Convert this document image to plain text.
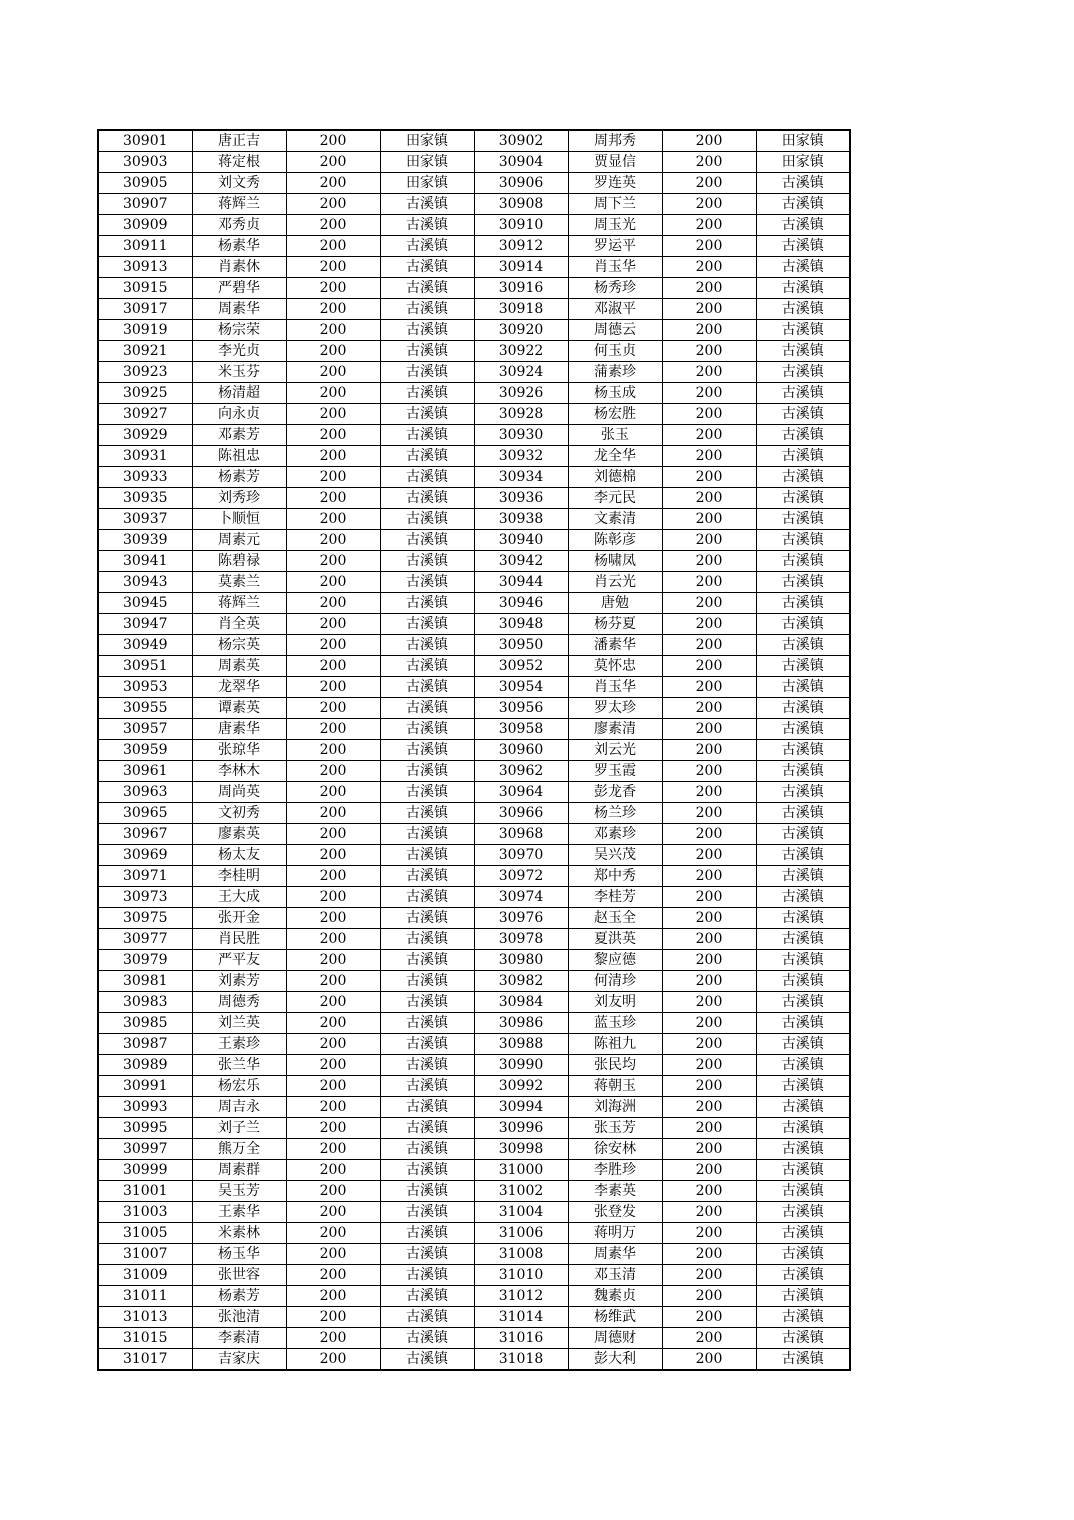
30901	唐正吉	200	田家镇	30902	周邦秀	200	田家镇
30903	蒋定根	200	田家镇	30904	贾显信	200	田家镇
30905	刘文秀	200	田家镇	30906	罗连英	200	古溪镇
30907	蒋辉兰	200	古溪镇	30908	周下兰	200	古溪镇
30909	邓秀贞	200	古溪镇	30910	周玉光	200	古溪镇
30911	杨素华	200	古溪镇	30912	罗运平	200	古溪镇
30913	肖素休	200	古溪镇	30914	肖玉华	200	古溪镇
30915	严碧华	200	古溪镇	30916	杨秀珍	200	古溪镇
30917	周素华	200	古溪镇	30918	邓淑平	200	古溪镇
30919	杨宗荣	200	古溪镇	30920	周德云	200	古溪镇
30921	李光贞	200	古溪镇	30922	何玉贞	200	古溪镇
30923	米玉芬	200	古溪镇	30924	蒲素珍	200	古溪镇
30925	杨清超	200	古溪镇	30926	杨玉成	200	古溪镇
30927	向永贞	200	古溪镇	30928	杨宏胜	200	古溪镇
30929	邓素芳	200	古溪镇	30930	张玉	200	古溪镇
30931	陈祖忠	200	古溪镇	30932	龙全华	200	古溪镇
30933	杨素芳	200	古溪镇	30934	刘德棉	200	古溪镇
30935	刘秀珍	200	古溪镇	30936	李元民	200	古溪镇
30937	卜顺恒	200	古溪镇	30938	文素清	200	古溪镇
30939	周素元	200	古溪镇	30940	陈彰彦	200	古溪镇
30941	陈碧禄	200	古溪镇	30942	杨啸凤	200	古溪镇
30943	莫素兰	200	古溪镇	30944	肖云光	200	古溪镇
30945	蒋辉兰	200	古溪镇	30946	唐勉	200	古溪镇
30947	肖全英	200	古溪镇	30948	杨芬夏	200	古溪镇
30949	杨宗英	200	古溪镇	30950	潘素华	200	古溪镇
30951	周素英	200	古溪镇	30952	莫怀忠	200	古溪镇
30953	龙翠华	200	古溪镇	30954	肖玉华	200	古溪镇
30955	谭素英	200	古溪镇	30956	罗太珍	200	古溪镇
30957	唐素华	200	古溪镇	30958	廖素清	200	古溪镇
30959	张琼华	200	古溪镇	30960	刘云光	200	古溪镇
30961	李林木	200	古溪镇	30962	罗玉霞	200	古溪镇
30963	周尚英	200	古溪镇	30964	彭龙香	200	古溪镇
30965	文初秀	200	古溪镇	30966	杨兰珍	200	古溪镇
30967	廖素英	200	古溪镇	30968	邓素珍	200	古溪镇
30969	杨太友	200	古溪镇	30970	吴兴茂	200	古溪镇
30971	李桂明	200	古溪镇	30972	郑中秀	200	古溪镇
30973	王大成	200	古溪镇	30974	李桂芳	200	古溪镇
30975	张开金	200	古溪镇	30976	赵玉全	200	古溪镇
30977	肖民胜	200	古溪镇	30978	夏洪英	200	古溪镇
30979	严平友	200	古溪镇	30980	黎应德	200	古溪镇
30981	刘素芳	200	古溪镇	30982	何清珍	200	古溪镇
30983	周德秀	200	古溪镇	30984	刘友明	200	古溪镇
30985	刘兰英	200	古溪镇	30986	蓝玉珍	200	古溪镇
30987	王素珍	200	古溪镇	30988	陈祖九	200	古溪镇
30989	张兰华	200	古溪镇	30990	张民均	200	古溪镇
30991	杨宏乐	200	古溪镇	30992	蒋朝玉	200	古溪镇
30993	周吉永	200	古溪镇	30994	刘海洲	200	古溪镇
30995	刘子兰	200	古溪镇	30996	张玉芳	200	古溪镇
30997	熊万全	200	古溪镇	30998	徐安林	200	古溪镇
30999	周素群	200	古溪镇	31000	李胜珍	200	古溪镇
31001	吴玉芳	200	古溪镇	31002	李素英	200	古溪镇
31003	王素华	200	古溪镇	31004	张登发	200	古溪镇
31005	米素林	200	古溪镇	31006	蒋明万	200	古溪镇
31007	杨玉华	200	古溪镇	31008	周素华	200	古溪镇
31009	张世容	200	古溪镇	31010	邓玉清	200	古溪镇
31011	杨素芳	200	古溪镇	31012	魏素贞	200	古溪镇
31013	张池清	200	古溪镇	31014	杨维武	200	古溪镇
31015	李素清	200	古溪镇	31016	周德财	200	古溪镇
31017	吉家庆	200	古溪镇	31018	彭大利	200	古溪镇
